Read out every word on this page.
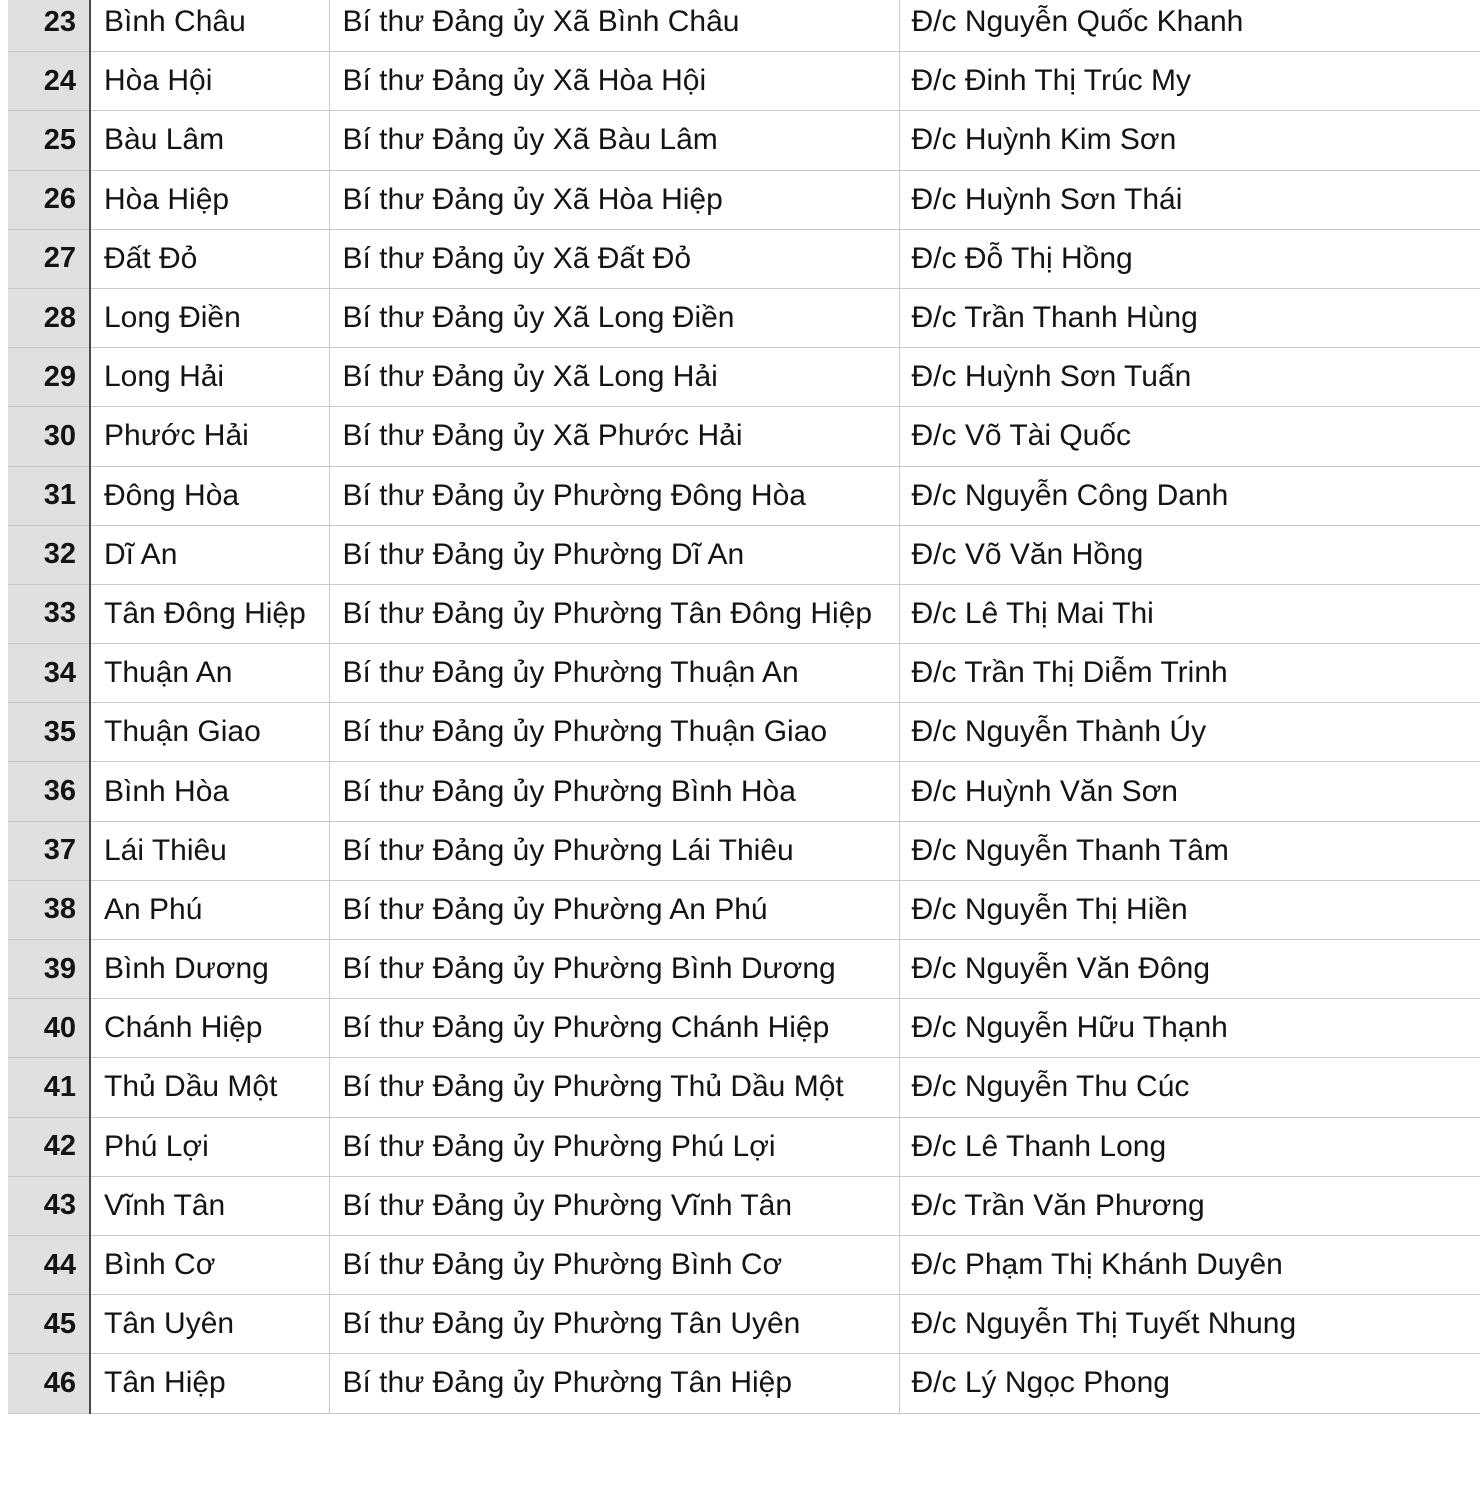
23	Bình Châu	Bí thư Đảng ủy Xã Bình Châu	Đ/c Nguyễn Quốc Khanh
24	Hòa Hội	Bí thư Đảng ủy Xã Hòa Hội	Đ/c Đinh Thị Trúc My
25	Bàu Lâm	Bí thư Đảng ủy Xã Bàu Lâm	Đ/c Huỳnh Kim Sơn
26	Hòa Hiệp	Bí thư Đảng ủy Xã Hòa Hiệp	Đ/c Huỳnh Sơn Thái
27	Đất Đỏ	Bí thư Đảng ủy Xã Đất Đỏ	Đ/c Đỗ Thị Hồng
28	Long Điền	Bí thư Đảng ủy Xã Long Điền	Đ/c Trần Thanh Hùng
29	Long Hải	Bí thư Đảng ủy Xã Long Hải	Đ/c Huỳnh Sơn Tuấn
30	Phước Hải	Bí thư Đảng ủy Xã Phước Hải	Đ/c Võ Tài Quốc
31	Đông Hòa	Bí thư Đảng ủy Phường Đông Hòa	Đ/c Nguyễn Công Danh
32	Dĩ An	Bí thư Đảng ủy Phường Dĩ An	Đ/c Võ Văn Hồng
33	Tân Đông Hiệp	Bí thư Đảng ủy Phường Tân Đông Hiệp	Đ/c Lê Thị Mai Thi
34	Thuận An	Bí thư Đảng ủy Phường Thuận An	Đ/c Trần Thị Diễm Trinh
35	Thuận Giao	Bí thư Đảng ủy Phường Thuận Giao	Đ/c Nguyễn Thành Úy
36	Bình Hòa	Bí thư Đảng ủy Phường Bình Hòa	Đ/c Huỳnh Văn Sơn
37	Lái Thiêu	Bí thư Đảng ủy Phường Lái Thiêu	Đ/c Nguyễn Thanh Tâm
38	An Phú	Bí thư Đảng ủy Phường An Phú	Đ/c Nguyễn Thị Hiền
39	Bình Dương	Bí thư Đảng ủy Phường Bình Dương	Đ/c Nguyễn Văn Đông
40	Chánh Hiệp	Bí thư Đảng ủy Phường Chánh Hiệp	Đ/c Nguyễn Hữu Thạnh
41	Thủ Dầu Một	Bí thư Đảng ủy Phường Thủ Dầu Một	Đ/c Nguyễn Thu Cúc
42	Phú Lợi	Bí thư Đảng ủy Phường Phú Lợi	Đ/c Lê Thanh Long
43	Vĩnh Tân	Bí thư Đảng ủy Phường Vĩnh Tân	Đ/c Trần Văn Phương
44	Bình Cơ	Bí thư Đảng ủy Phường Bình Cơ	Đ/c Phạm Thị Khánh Duyên
45	Tân Uyên	Bí thư Đảng ủy Phường Tân Uyên	Đ/c Nguyễn Thị Tuyết Nhung
46	Tân Hiệp	Bí thư Đảng ủy Phường Tân Hiệp	Đ/c Lý Ngọc Phong
